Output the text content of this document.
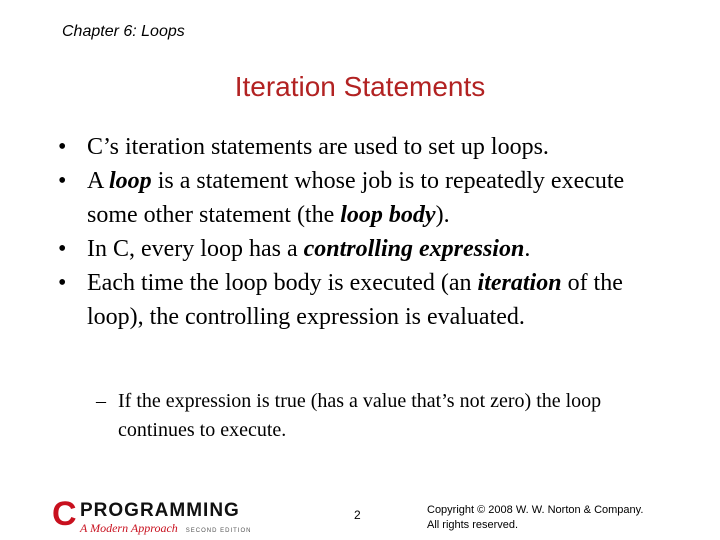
Chapter 6: Loops
Iteration Statements
• C’s iteration statements are used to set up loops.
• A loop is a statement whose job is to repeatedly execute some other statement (the loop body).
• In C, every loop has a controlling expression.
• Each time the loop body is executed (an iteration of the loop), the controlling expression is evaluated.
– If the expression is true (has a value that’s not zero) the loop continues to execute.
C PROGRAMMING
A Modern Approach SECOND EDITION
2	Copyright © 2008 W. W. Norton & Company.
All rights reserved.
